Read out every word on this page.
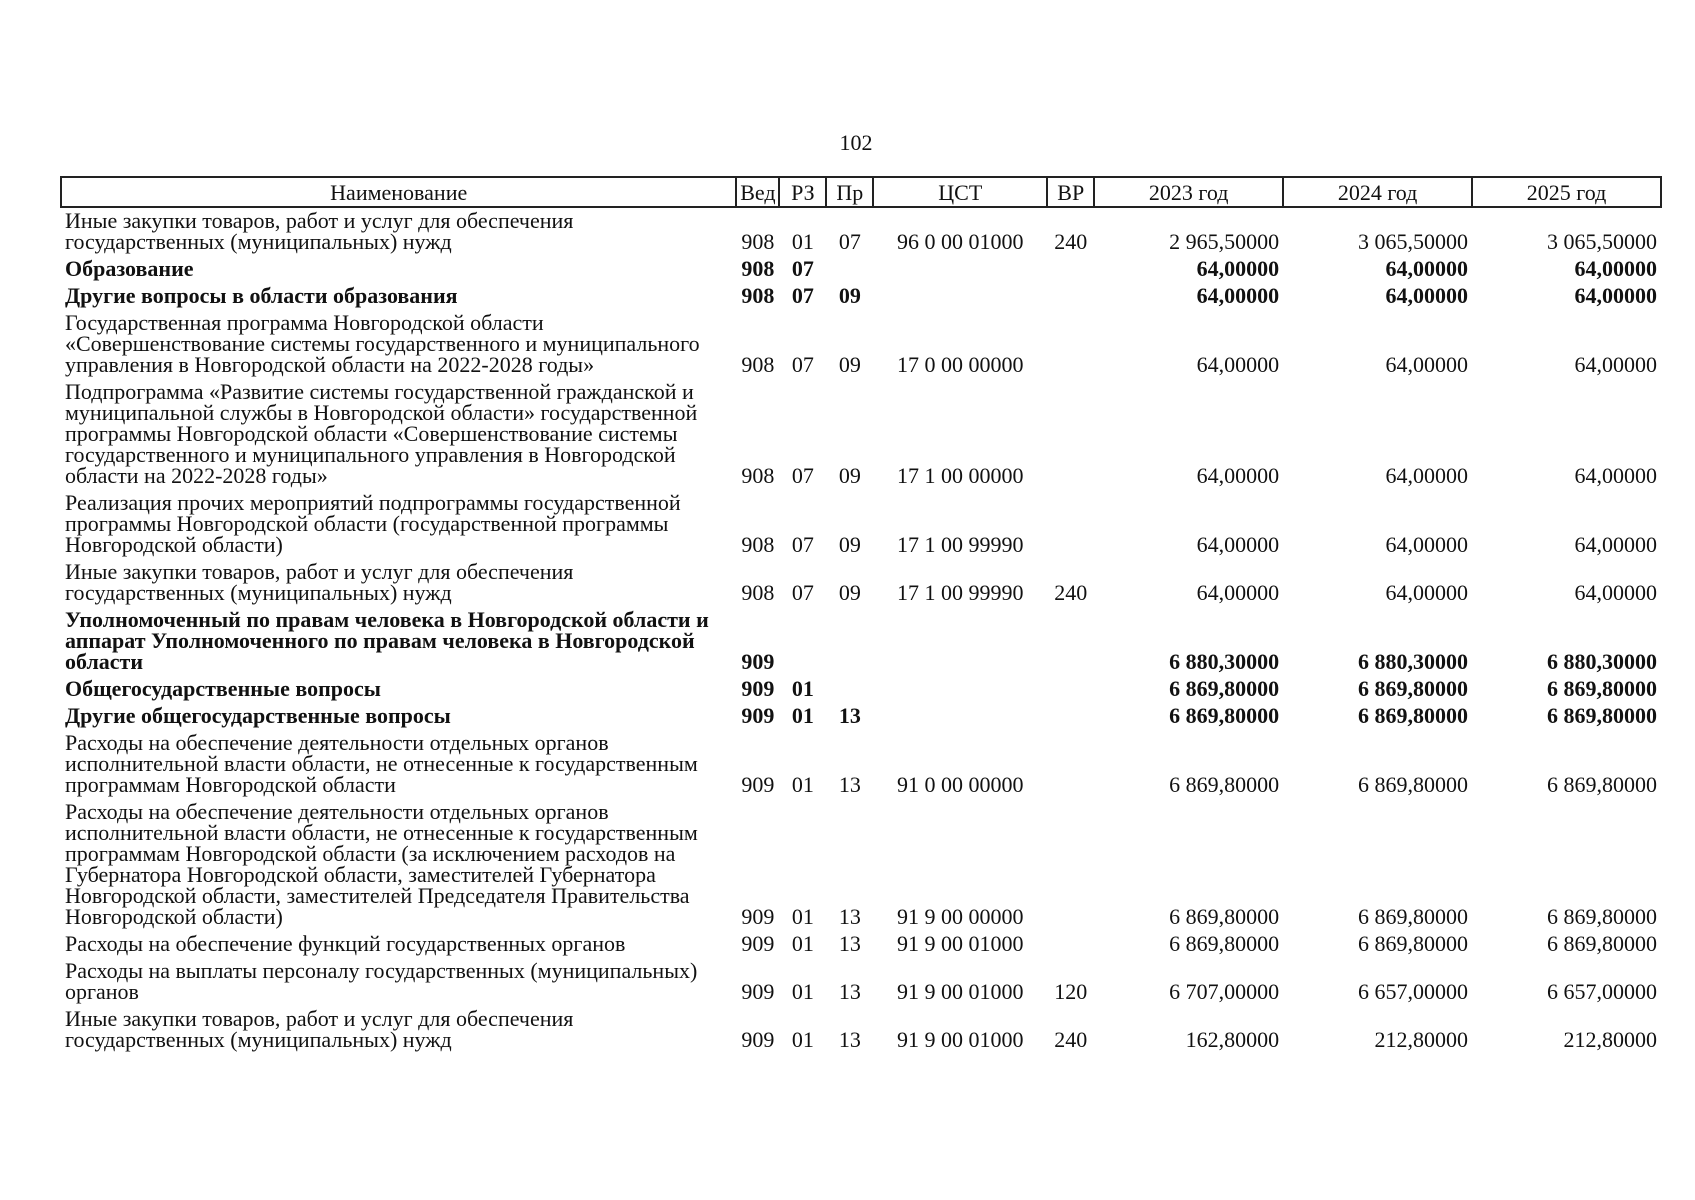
102
Наименование	Вед	РЗ	Пр	ЦСТ	ВР	2023 год	2024 год	2025 год
Иные закупки товаров, работ и услуг для обеспечения государственных (муниципальных) нужд	908	01	07	96 0 00 01000	240	2 965,50000	3 065,50000	3 065,50000
Образование	908	07				64,00000	64,00000	64,00000
Другие вопросы в области образования	908	07	09			64,00000	64,00000	64,00000
Государственная программа Новгородской области «Совершенствование системы государственного и муниципального управления в Новгородской области на 2022-2028 годы»	908	07	09	17 0 00 00000		64,00000	64,00000	64,00000
Подпрограмма «Развитие системы государственной гражданской и муниципальной службы в Новгородской области» государственной программы Новгородской области «Совершенствование системы государственного и муниципального управления в Новгородской области на 2022-2028 годы»	908	07	09	17 1 00 00000		64,00000	64,00000	64,00000
Реализация прочих мероприятий подпрограммы государственной программы Новгородской области (государственной программы Новгородской области)	908	07	09	17 1 00 99990		64,00000	64,00000	64,00000
Иные закупки товаров, работ и услуг для обеспечения государственных (муниципальных) нужд	908	07	09	17 1 00 99990	240	64,00000	64,00000	64,00000
Уполномоченный по правам человека в Новгородской области и аппарат Уполномоченного по правам человека в Новгородской области	909					6 880,30000	6 880,30000	6 880,30000
Общегосударственные вопросы	909	01				6 869,80000	6 869,80000	6 869,80000
Другие общегосударственные вопросы	909	01	13			6 869,80000	6 869,80000	6 869,80000
Расходы на обеспечение деятельности отдельных органов исполнительной власти области, не отнесенные к государственным программам Новгородской области	909	01	13	91 0 00 00000		6 869,80000	6 869,80000	6 869,80000
Расходы на обеспечение деятельности отдельных органов исполнительной власти области, не отнесенные к государственным программам Новгородской области (за исключением расходов на Губернатора Новгородской области, заместителей Губернатора Новгородской области, заместителей Председателя Правительства Новгородской области)	909	01	13	91 9 00 00000		6 869,80000	6 869,80000	6 869,80000
Расходы на обеспечение функций государственных органов	909	01	13	91 9 00 01000		6 869,80000	6 869,80000	6 869,80000
Расходы на выплаты персоналу государственных (муниципальных) органов	909	01	13	91 9 00 01000	120	6 707,00000	6 657,00000	6 657,00000
Иные закупки товаров, работ и услуг для обеспечения государственных (муниципальных) нужд	909	01	13	91 9 00 01000	240	162,80000	212,80000	212,80000
